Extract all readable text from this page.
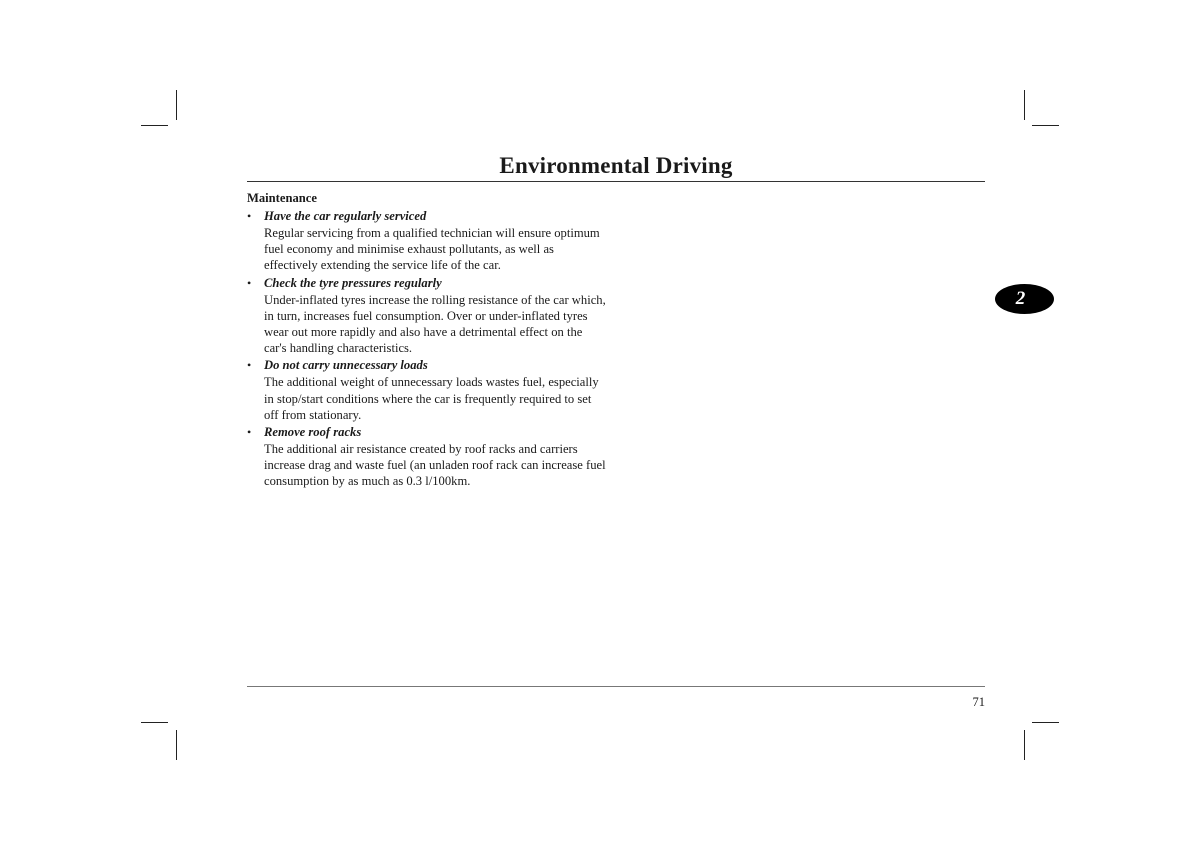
Environmental Driving
Maintenance
• Have the car regularly serviced

Regular servicing from a qualified technician will ensure optimum fuel economy and minimise exhaust pollutants, as well as effectively extending the service life of the car.

• Check the tyre pressures regularly

Under-inflated tyres increase the rolling resistance of the car which, in turn, increases fuel consumption. Over or under-inflated tyres wear out more rapidly and also have a detrimental effect on the car's handling characteristics.

• Do not carry unnecessary loads

The additional weight of unnecessary loads wastes fuel, especially in stop/start conditions where the car is frequently required to set off from stationary.

• Remove roof racks

The additional air resistance created by roof racks and carriers increase drag and waste fuel (an unladen roof rack can increase fuel consumption by as much as 0.3 l/100km.

2
71
